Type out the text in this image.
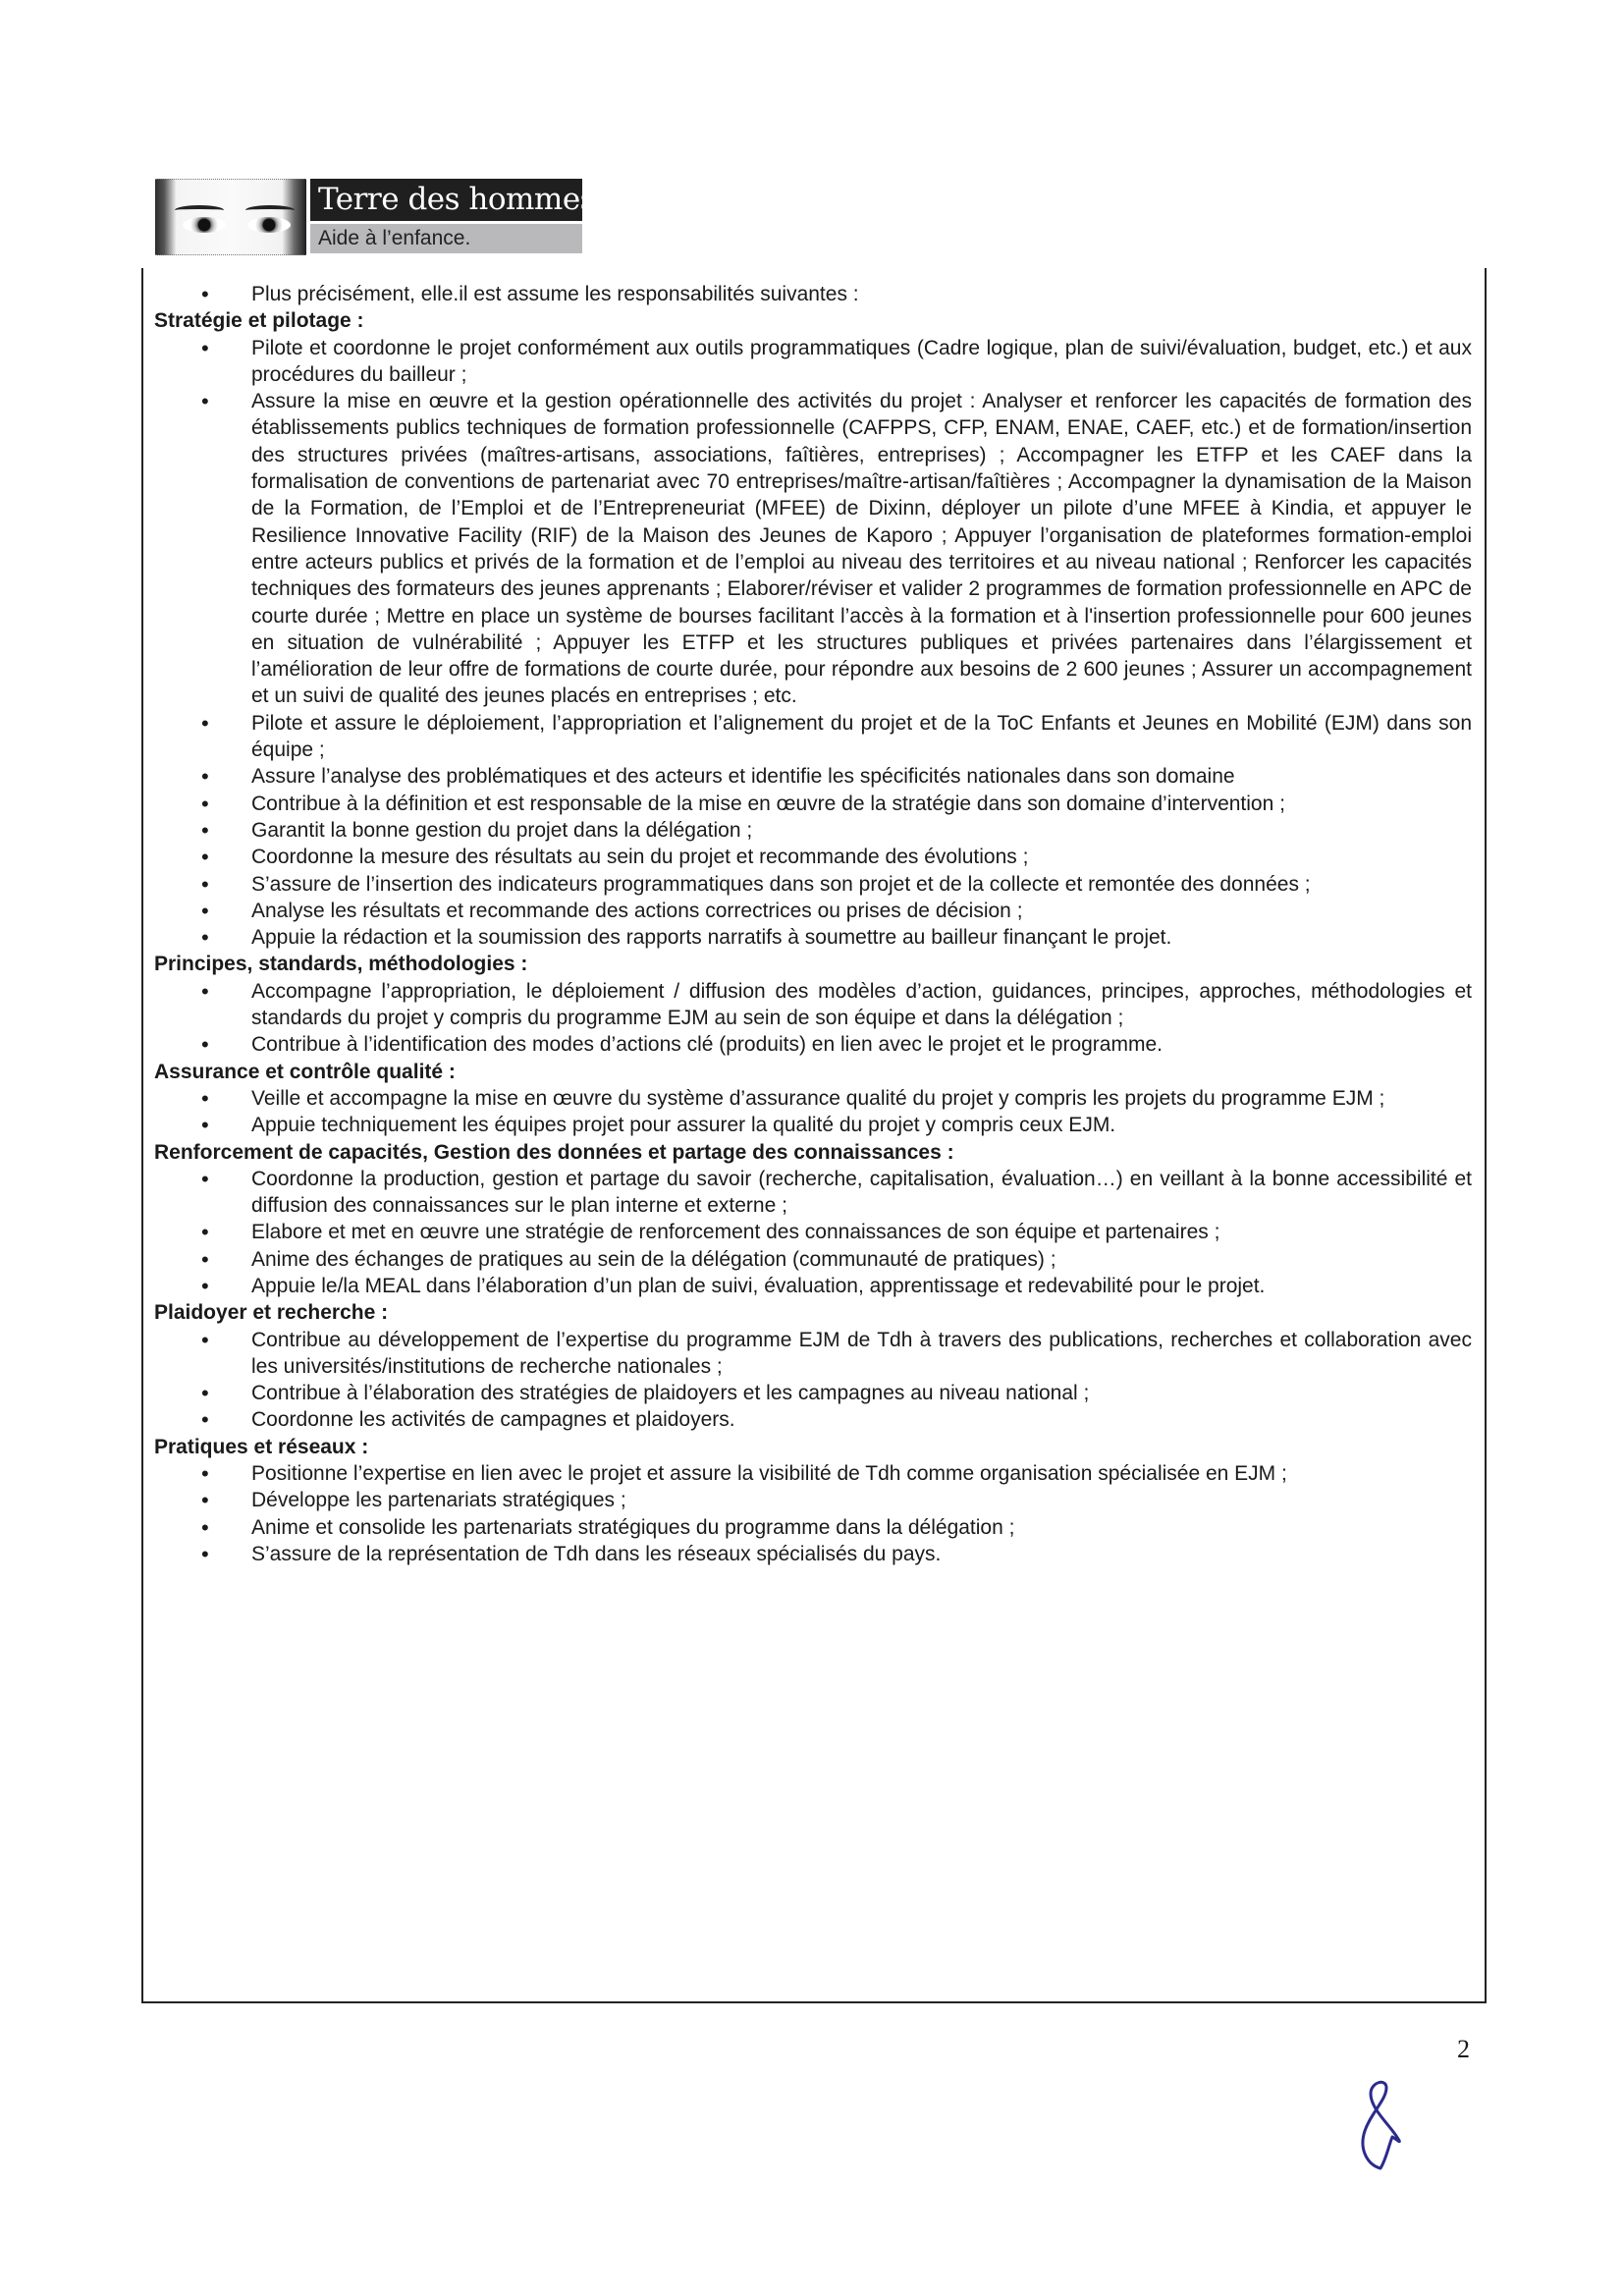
Terre des hommes
Aide à l’enfance.
• Plus précisément, elle.il est assume les responsabilités suivantes :
Stratégie et pilotage :
• Pilote et coordonne le projet conformément aux outils programmatiques (Cadre logique, plan de suivi/évaluation, budget, etc.) et aux procédures du bailleur ;
• Assure la mise en œuvre et la gestion opérationnelle des activités du projet : Analyser et renforcer les capacités de formation des établissements publics techniques de formation professionnelle (CAFPPS, CFP, ENAM, ENAE, CAEF, etc.) et de formation/insertion des structures privées (maîtres-artisans, associations, faîtières, entreprises) ; Accompagner les ETFP et les CAEF dans la formalisation de conventions de partenariat avec 70 entreprises/maître-artisan/faîtières ; Accompagner la dynamisation de la Maison de la Formation, de l’Emploi et de l’Entrepreneuriat (MFEE) de Dixinn, déployer un pilote d’une MFEE à Kindia, et appuyer le Resilience Innovative Facility (RIF) de la Maison des Jeunes de Kaporo ; Appuyer l’organisation de plateformes formation-emploi entre acteurs publics et privés de la formation et de l’emploi au niveau des territoires et au niveau national ; Renforcer les capacités techniques des formateurs des jeunes apprenants ; Elaborer/réviser et valider 2 programmes de formation professionnelle en APC de courte durée ; Mettre en place un système de bourses facilitant l’accès à la formation et à l'insertion professionnelle pour 600 jeunes en situation de vulnérabilité ; Appuyer les ETFP et les structures publiques et privées partenaires dans l’élargissement et l’amélioration de leur offre de formations de courte durée, pour répondre aux besoins de 2 600 jeunes ; Assurer un accompagnement et un suivi de qualité des jeunes placés en entreprises ; etc.
• Pilote et assure le déploiement, l’appropriation et l’alignement du projet et de la ToC Enfants et Jeunes en Mobilité (EJM) dans son équipe ;
• Assure l’analyse des problématiques et des acteurs et identifie les spécificités nationales dans son domaine
• Contribue à la définition et est responsable de la mise en œuvre de la stratégie dans son domaine d’intervention ;
• Garantit la bonne gestion du projet dans la délégation ;
• Coordonne la mesure des résultats au sein du projet et recommande des évolutions ;
• S’assure de l’insertion des indicateurs programmatiques dans son projet et de la collecte et remontée des données ;
• Analyse les résultats et recommande des actions correctrices ou prises de décision ;
• Appuie la rédaction et la soumission des rapports narratifs à soumettre au bailleur finançant le projet.
Principes, standards, méthodologies :
• Accompagne l’appropriation, le déploiement / diffusion des modèles d’action, guidances, principes, approches, méthodologies et standards du projet y compris du programme EJM au sein de son équipe et dans la délégation ;
• Contribue à l’identification des modes d’actions clé (produits) en lien avec le projet et le programme.
Assurance et contrôle qualité :
• Veille et accompagne la mise en œuvre du système d’assurance qualité du projet y compris les projets du programme EJM ;
• Appuie techniquement les équipes projet pour assurer la qualité du projet y compris ceux EJM.
Renforcement de capacités, Gestion des données et partage des connaissances :
• Coordonne la production, gestion et partage du savoir (recherche, capitalisation, évaluation…) en veillant à la bonne accessibilité et diffusion des connaissances sur le plan interne et externe ;
• Elabore et met en œuvre une stratégie de renforcement des connaissances de son équipe et partenaires ;
• Anime des échanges de pratiques au sein de la délégation (communauté de pratiques) ;
• Appuie le/la MEAL dans l’élaboration d’un plan de suivi, évaluation, apprentissage et redevabilité pour le projet.
Plaidoyer et recherche :
• Contribue au développement de l’expertise du programme EJM de Tdh à travers des publications, recherches et collaboration avec les universités/institutions de recherche nationales ;
• Contribue à l’élaboration des stratégies de plaidoyers et les campagnes au niveau national ;
• Coordonne les activités de campagnes et plaidoyers.
Pratiques et réseaux :
• Positionne l’expertise en lien avec le projet et assure la visibilité de Tdh comme organisation spécialisée en EJM ;
• Développe les partenariats stratégiques ;
• Anime et consolide les partenariats stratégiques du programme dans la délégation ;
• S’assure de la représentation de Tdh dans les réseaux spécialisés du pays.
2
